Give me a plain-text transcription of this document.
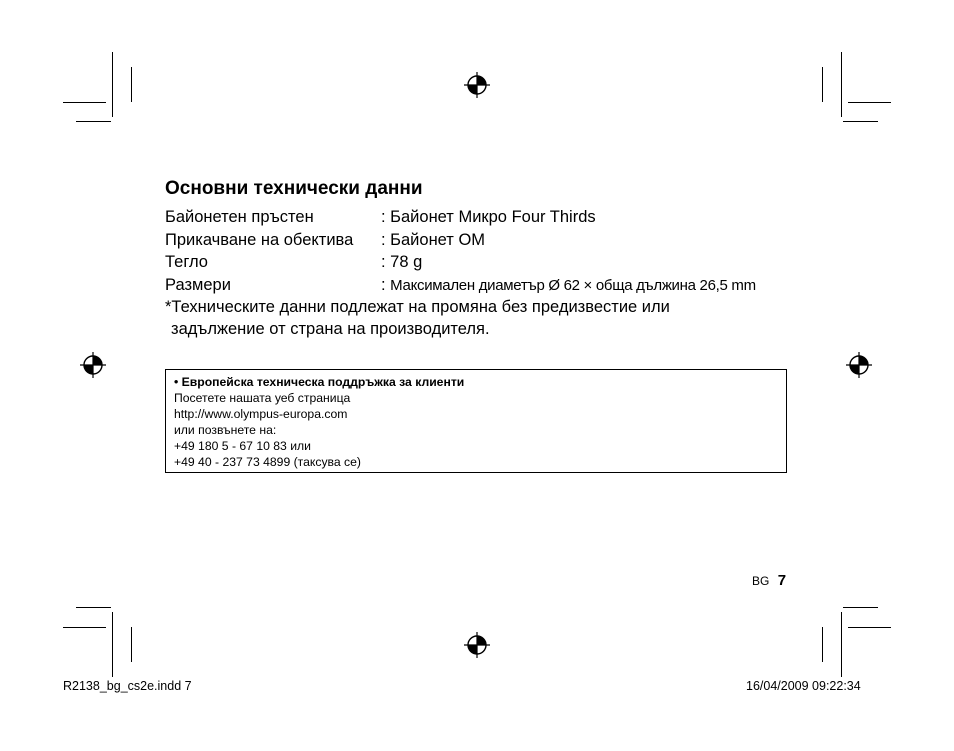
Основни технически данни
Байонетен пръстен	: Байонет Микро Four Thirds
Прикачване на обектива : Байонет OM
Тегло	: 78 g
Размери	: Максимален диаметър Ø 62 × обща дължина 26,5 mm
*Техническите данни подлежат на промяна без предизвестие или
задължение от страна на производителя.
• Европейска техническа поддръжка за клиенти
Посетете нашата уеб страница
http://www.olympus-europa.com
или позвънете на:
+49 180 5 - 67 10 83 или
+49 40 - 237 73 4899 (таксува се)
BG 7
R2138_bg_cs2e.indd 7	16/04/2009 09:22:34
